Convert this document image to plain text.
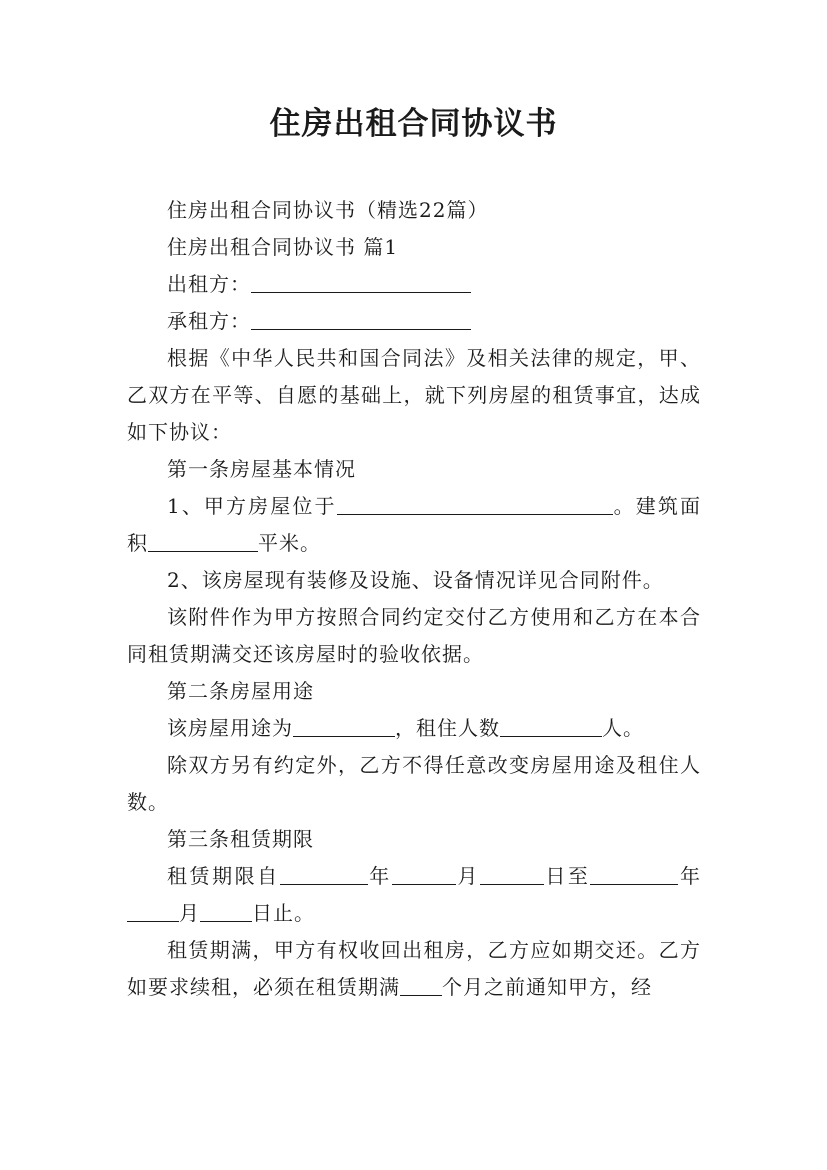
住房出租合同协议书

住房出租合同协议书（精选22篇）

住房出租合同协议书 篇1

出租方：

承租方：

根据《中华人民共和国合同法》及相关法律的规定，甲、乙双方在平等、自愿的基础上，就下列房屋的租赁事宜，达成如下协议：

第一条房屋基本情况

1、甲方房屋位于	。建筑面积	平米。

2、该房屋现有装修及设施、设备情况详见合同附件。

该附件作为甲方按照合同约定交付乙方使用和乙方在本合同租赁期满交还该房屋时的验收依据。

第二条房屋用途

该房屋用途为	，租住人数	人。

除双方另有约定外，乙方不得任意改变房屋用途及租住人数。

第三条租赁期限

租赁期限自	年	月	日至	年月	日止。

租赁期满，甲方有权收回出租房，乙方应如期交还。乙方如要求续租，必须在租赁期满 个月之前通知甲方，经
